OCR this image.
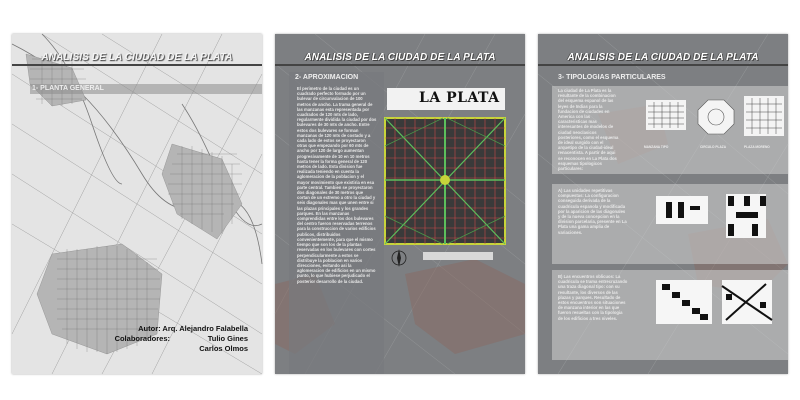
ANALISIS DE LA CIUDAD DE LA PLATA
1- PLANTA GENERAL
Autor: Arq. Alejandro Falabella
Colaboradores:	Tulio Gines
Carlos Olmos
ANALISIS DE LA CIUDAD DE LA PLATA
2- APROXIMACION
El perimetro de la ciudad es un cuadrado perfecto formado por un bulevar de circunvalacion de 100 metros de ancho. La trama general de las manzanas esta representada por cuadrados de 120 mts de lado, regularmente dividida la ciudad por dos bulevares de 30 mts de ancho. Entre estos dos bulevares se forman manzanas de 120 mts de costado y a cada lado de estos se proyectaron otras que empezando por 60 mts de ancho por 120 de largo aumentan progresivamente de 10 en 10 metros hasta tener la forma general de 120 metros de lado. Esta division fue realizada teniendo en cuenta la aglomeracion de la poblacion y el mayor movimiento que existiria en esa parte central. Tambien se proyectaron dos diagonales de 30 metros que cortan de un extremo a otro la ciudad y seis diagonales mas que unen entre si las plazas principales y los grandes parques. En las manzanas comprendidas entre los dos bulevares del centro fueron reservadas terrenos para la construccion de varios edificios publicos, distribuidos convenientemente, para que el mismo tiempo que son los de la plantas reservadas en los bulevares con cortes perpendicularmente a estos se distribuye la poblacion en varios direcciones, evitando asi la aglomeracion de edificios en un mismo punto, lo que hubiese perjudicado el posterior desarrollo de la ciudad.
LA PLATA
ANALISIS DE LA CIUDAD DE LA PLATA
3- TIPOLOGIAS PARTICULARES
La ciudad de La Plata es la resultante de la combinacion del esquema espanol de las leyes de Indias para la fundacion de ciudades en America con las caracteristicas mas interesantes de modelos de ciudad neoclasicos posteriores, como el esquema de ideal surgido con el arquetipo de la ciudad-ideal renacentista. A partir de aqui se reconocen en La Plata dos esquemas tipologicos particulares:
MANZANA TIPO	CIRCULO PLAZA	PLAZA MORENO
A) Las unidades repetitivas compuestas: La configuracion conseguida derivada de la cuadricula espanola y modificada por la aparicion de las diagonales y de la nueva concepcion en la division parcelaria, presente en La Plata una gama amplia de variaciones.
B) Las encuentros oblicuos: La cuadricula se trama entrecruzando una traza diagonal tipo: con su resultante, los diversos de las plazas y parques. Resultado de estos encuentros son situaciones de manzana interior en las que fueron resueltas con la tipologia de los edificios a tres niveles.
